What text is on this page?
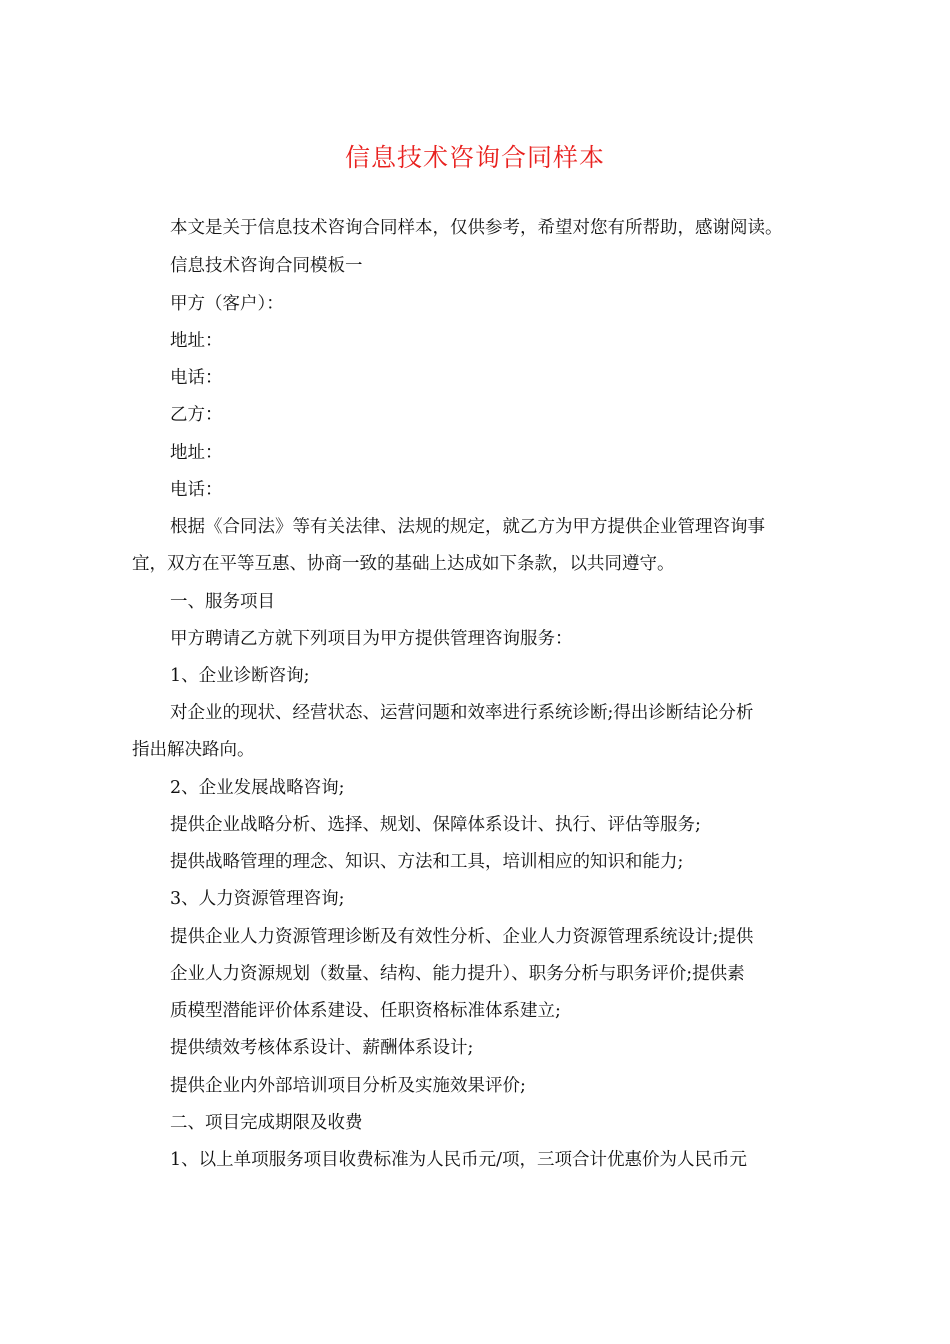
信息技术咨询合同样本

本文是关于信息技术咨询合同样本，仅供参考，希望对您有所帮助，感谢阅读。

信息技术咨询合同模板一

甲方（客户）：

地址：

电话：

乙方：

地址：

电话：

根据《合同法》等有关法律、法规的规定，就乙方为甲方提供企业管理咨询事

宜，双方在平等互惠、协商一致的基础上达成如下条款，以共同遵守。

一、服务项目

甲方聘请乙方就下列项目为甲方提供管理咨询服务：

1、企业诊断咨询;

对企业的现状、经营状态、运营问题和效率进行系统诊断;得出诊断结论分析

指出解决路向。

2、企业发展战略咨询;

提供企业战略分析、选择、规划、保障体系设计、执行、评估等服务;

提供战略管理的理念、知识、方法和工具，培训相应的知识和能力;

3、人力资源管理咨询;

提供企业人力资源管理诊断及有效性分析、企业人力资源管理系统设计;提供

企业人力资源规划（数量、结构、能力提升）、职务分析与职务评价;提供素

质模型潜能评价体系建设、任职资格标准体系建立;

提供绩效考核体系设计、薪酬体系设计;

提供企业内外部培训项目分析及实施效果评价;

二、项目完成期限及收费

1、以上单项服务项目收费标准为人民币元/项，三项合计优惠价为人民币元
